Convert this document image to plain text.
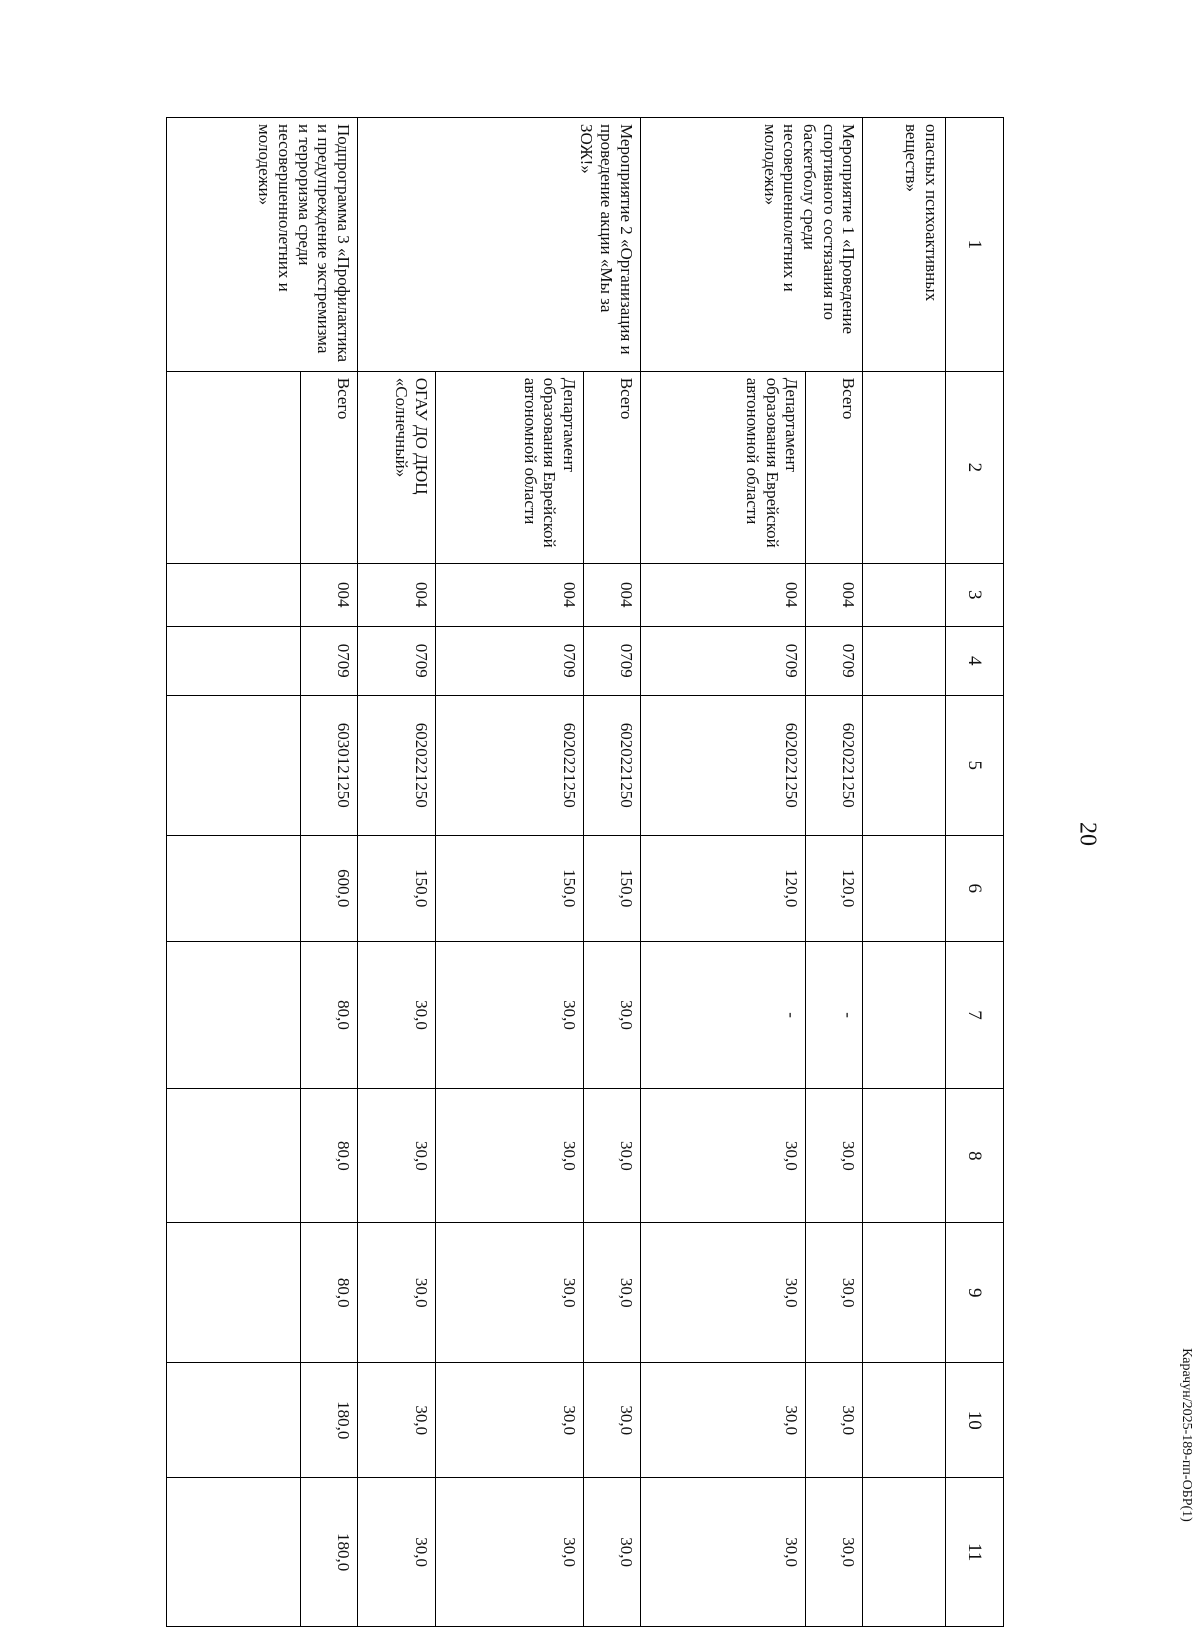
20
Карачун/2025-189-пп-ОБР(1)
1	2	3	4	5	6	7	8	9	10	11
опасных психоактивных веществ»										
Мероприятие 1 «Проведение спортивного состязания по баскетболу среди несовершеннолетних и молодежи»	Всего	004	0709	6020221250	120,0	-	30,0	30,0	30,0	30,0
	Департамент образования Еврейской автономной области	004	0709	6020221250	120,0	-	30,0	30,0	30,0	30,0
Мероприятие 2 «Организация и проведение акции «Мы за ЗОЖ!»	Всего	004	0709	6020221250	150,0	30,0	30,0	30,0	30,0	30,0
	Департамент образования Еврейской автономной области	004	0709	6020221250	150,0	30,0	30,0	30,0	30,0	30,0
	ОГАУ ДО ДЮЦ «Солнечный»	004	0709	6020221250	150,0	30,0	30,0	30,0	30,0	30,0
Подпрограмма 3 «Профилактика и предупреждение экстремизма и терроризма среди несовершеннолетних и молодежи»	Всего	004	0709	6030121250	600,0	80,0	80,0	80,0	180,0	180,0
